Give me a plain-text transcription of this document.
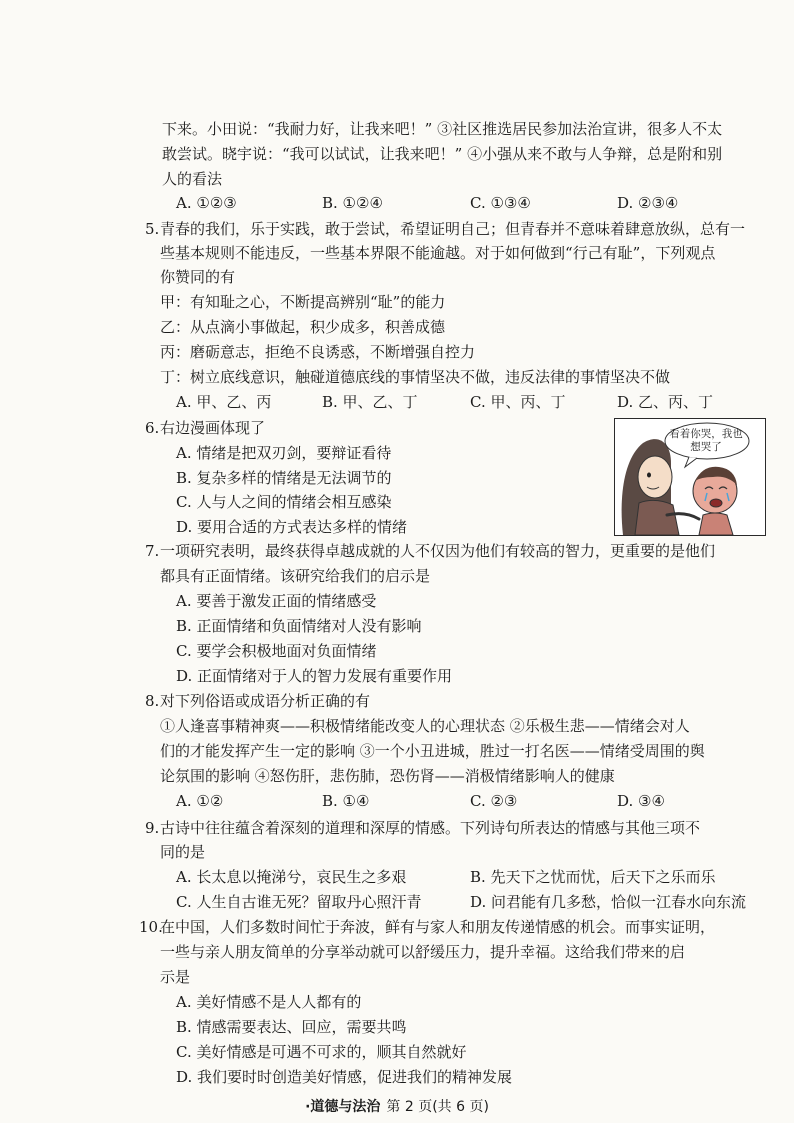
下来。小田说：“我耐力好，让我来吧！” ③社区推选居民参加法治宣讲，很多人不太
敢尝试。晓宇说：“我可以试试，让我来吧！” ④小强从来不敢与人争辩，总是附和别
人的看法
A. ①②③	B. ①②④	C. ①③④	D. ②③④
5. 青春的我们，乐于实践，敢于尝试，希望证明自己；但青春并不意味着肆意放纵，总有一
些基本规则不能违反，一些基本界限不能逾越。对于如何做到“行己有耻”，下列观点
你赞同的有
甲：有知耻之心，不断提高辨别“耻”的能力
乙：从点滴小事做起，积少成多，积善成德
丙：磨砺意志，拒绝不良诱惑，不断增强自控力
丁：树立底线意识，触碰道德底线的事情坚决不做，违反法律的事情坚决不做
A. 甲、乙、丙	B. 甲、乙、丁	C. 甲、丙、丁	D. 乙、丙、丁
6. 右边漫画体现了
A. 情绪是把双刃剑，要辩证看待
B. 复杂多样的情绪是无法调节的
C. 人与人之间的情绪会相互感染
D. 要用合适的方式表达多样的情绪
看着你哭，我也想哭了
7. 一项研究表明，最终获得卓越成就的人不仅因为他们有较高的智力，更重要的是他们
都具有正面情绪。该研究给我们的启示是
A. 要善于激发正面的情绪感受
B. 正面情绪和负面情绪对人没有影响
C. 要学会积极地面对负面情绪
D. 正面情绪对于人的智力发展有重要作用
8. 对下列俗语或成语分析正确的有
①人逢喜事精神爽——积极情绪能改变人的心理状态 ②乐极生悲——情绪会对人
们的才能发挥产生一定的影响 ③一个小丑进城，胜过一打名医——情绪受周围的舆
论氛围的影响 ④怒伤肝，悲伤肺，恐伤肾——消极情绪影响人的健康
A. ①②	B. ①④	C. ②③	D. ③④
9. 古诗中往往蕴含着深刻的道理和深厚的情感。下列诗句所表达的情感与其他三项不
同的是
A. 长太息以掩涕兮，哀民生之多艰	B. 先天下之忧而忧，后天下之乐而乐
C. 人生自古谁无死？留取丹心照汗青	D. 问君能有几多愁，恰似一江春水向东流
10.
在中国，人们多数时间忙于奔波，鲜有与家人和朋友传递情感的机会。而事实证明，
一些与亲人朋友简单的分享举动就可以舒缓压力，提升幸福。这给我们带来的启
示是
A. 美好情感不是人人都有的
B. 情感需要表达、回应，需要共鸣
C. 美好情感是可遇不可求的，顺其自然就好
D. 我们要时时创造美好情感，促进我们的精神发展
·道德与法治 第 2 页(共 6 页)
